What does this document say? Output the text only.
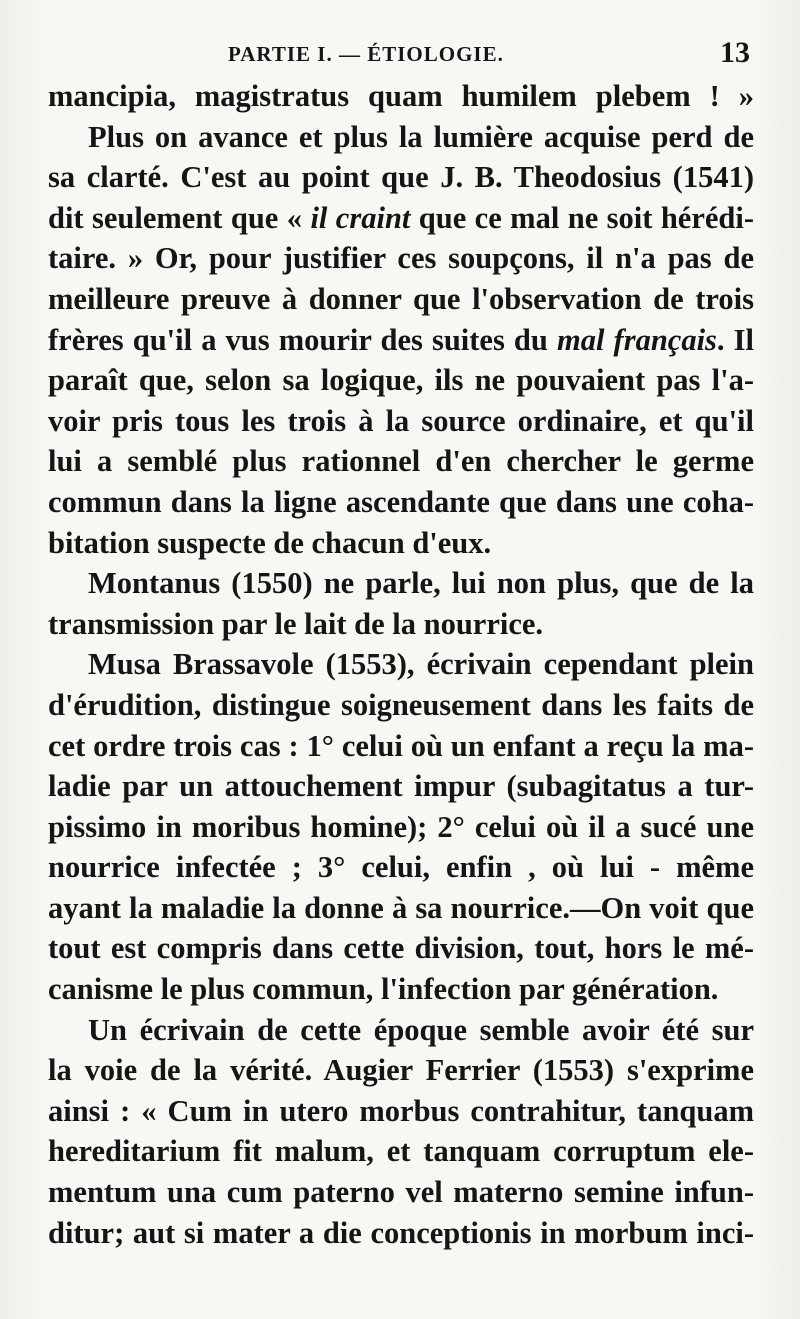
PARTIE I. — ÉTIOLOGIE.	13
mancipia, magistratus quam humilem plebem ! »
Plus on avance et plus la lumière acquise perd de
sa clarté. C'est au point que J. B. Theodosius (1541)
dit seulement que « il craint que ce mal ne soit hérédi-
taire. » Or, pour justifier ces soupçons, il n'a pas de
meilleure preuve à donner que l'observation de trois
frères qu'il a vus mourir des suites du mal français. Il
paraît que, selon sa logique, ils ne pouvaient pas l'a-
voir pris tous les trois à la source ordinaire, et qu'il
lui a semblé plus rationnel d'en chercher le germe
commun dans la ligne ascendante que dans une coha-
bitation suspecte de chacun d'eux.
Montanus (1550) ne parle, lui non plus, que de la
transmission par le lait de la nourrice.
Musa Brassavole (1553), écrivain cependant plein
d'érudition, distingue soigneusement dans les faits de
cet ordre trois cas : 1° celui où un enfant a reçu la ma-
ladie par un attouchement impur (subagitatus a tur-
pissimo in moribus homine); 2° celui où il a sucé une
nourrice infectée ; 3° celui, enfin , où lui - même
ayant la maladie la donne à sa nourrice.—On voit que
tout est compris dans cette division, tout, hors le mé-
canisme le plus commun, l'infection par génération.
Un écrivain de cette époque semble avoir été sur
la voie de la vérité. Augier Ferrier (1553) s'exprime
ainsi : « Cum in utero morbus contrahitur, tanquam
hereditarium fit malum, et tanquam corruptum ele-
mentum una cum paterno vel materno semine infun-
ditur; aut si mater a die conceptionis in morbum inci-
